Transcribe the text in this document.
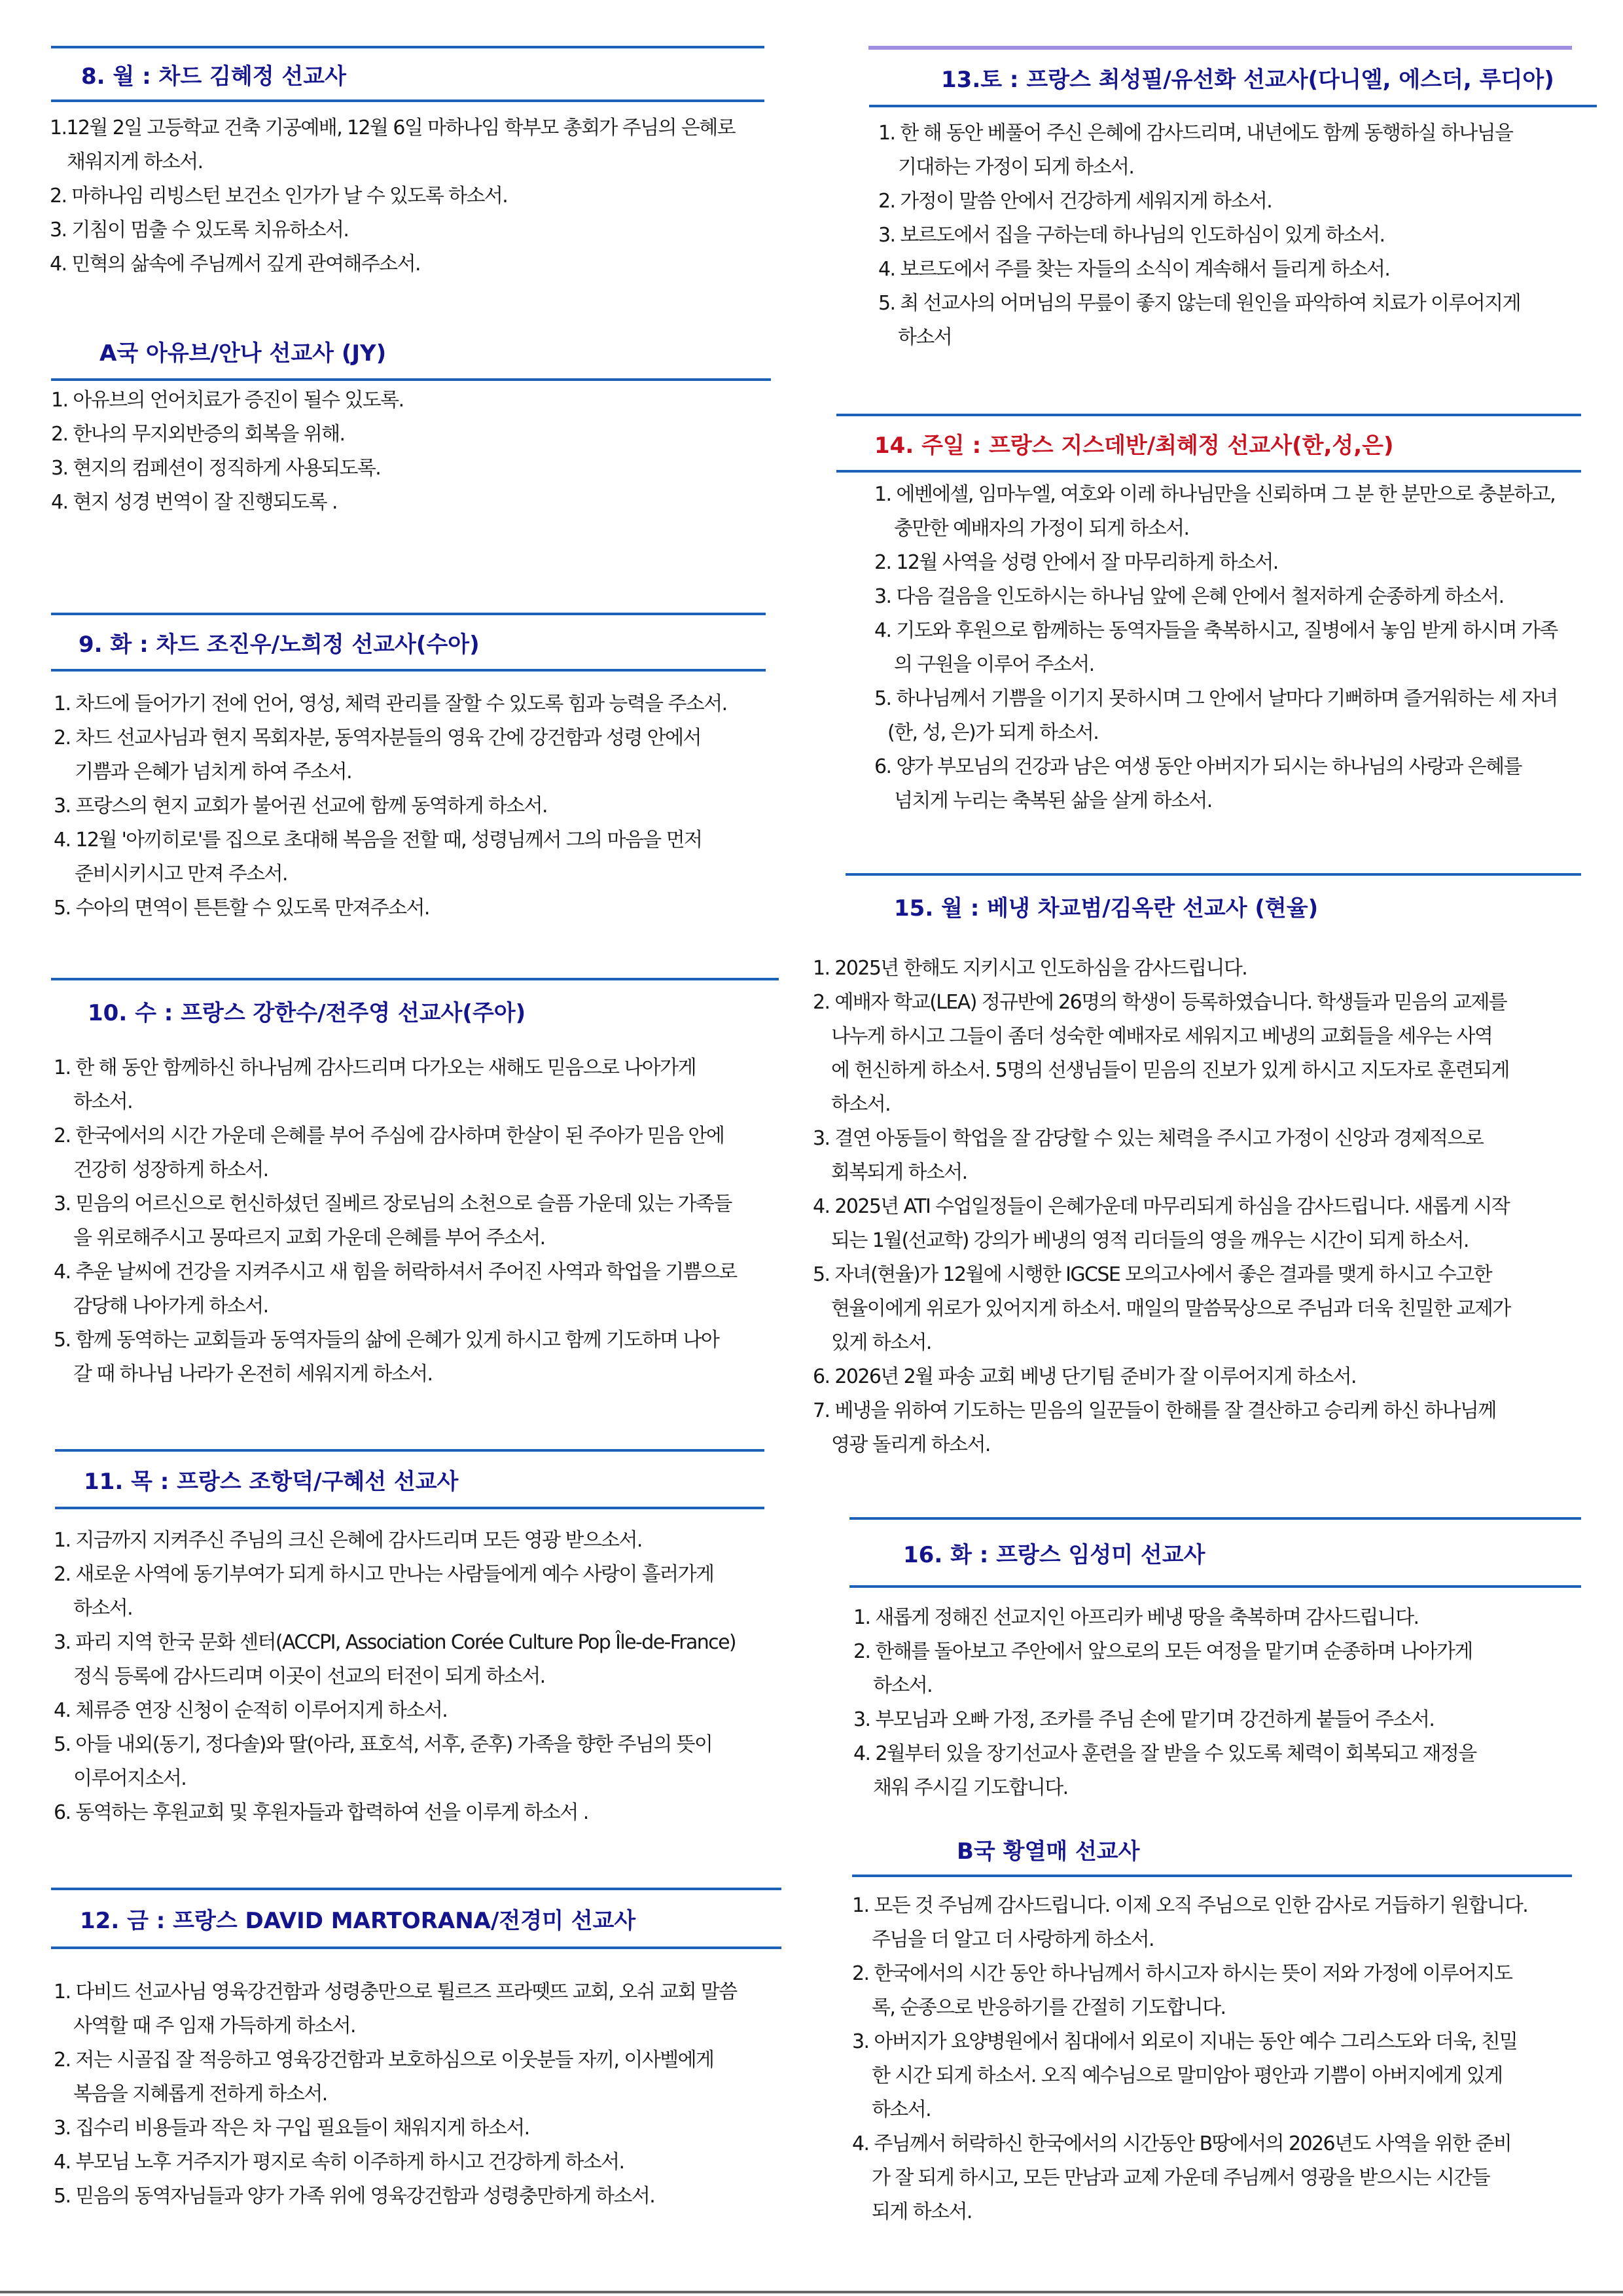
8. 월 : 차드 김혜정 선교사
1.12월 2일 고등학교 건축 기공예배, 12월 6일 마하나임 학부모 총회가 주님의 은혜로
채워지게 하소서.
2. 마하나임 리빙스턴 보건소 인가가 날 수 있도록 하소서.
3. 기침이 멈출 수 있도록 치유하소서.
4. 민혁의 삶속에 주님께서 깊게 관여해주소서.
A국 아유브/안나 선교사 (JY)
1. 아유브의 언어치료가 증진이 될수 있도록.
2. 한나의 무지외반증의 회복을 위해.
3. 현지의 컴페션이 정직하게 사용되도록.
4. 현지 성경 번역이 잘 진행되도록 .
9. 화 : 차드 조진우/노희정 선교사(수아)
1. 차드에 들어가기 전에 언어, 영성, 체력 관리를 잘할 수 있도록 힘과 능력을 주소서.
2. 차드 선교사님과 현지 목회자분, 동역자분들의 영육 간에 강건함과 성령 안에서
기쁨과 은혜가 넘치게 하여 주소서.
3. 프랑스의 현지 교회가 불어권 선교에 함께 동역하게 하소서.
4. 12월 '아끼히로'를 집으로 초대해 복음을 전할 때, 성령님께서 그의 마음을 먼저
준비시키시고 만져 주소서.
5. 수아의 면역이 튼튼할 수 있도록 만져주소서.
10. 수 : 프랑스 강한수/전주영 선교사(주아)
1. 한 해 동안 함께하신 하나님께 감사드리며 다가오는 새해도 믿음으로 나아가게
하소서.
2. 한국에서의 시간 가운데 은혜를 부어 주심에 감사하며 한살이 된 주아가 믿음 안에
건강히 성장하게 하소서.
3. 믿음의 어르신으로 헌신하셨던 질베르 장로님의 소천으로 슬픔 가운데 있는 가족들
을 위로해주시고 몽따르지 교회 가운데 은혜를 부어 주소서.
4. 추운 날씨에 건강을 지켜주시고 새 힘을 허락하셔서 주어진 사역과 학업을 기쁨으로
감당해 나아가게 하소서.
5. 함께 동역하는 교회들과 동역자들의 삶에 은혜가 있게 하시고 함께 기도하며 나아
갈 때 하나님 나라가 온전히 세워지게 하소서.
11. 목 : 프랑스 조항덕/구혜선 선교사
1. 지금까지 지켜주신 주님의 크신 은혜에 감사드리며 모든 영광 받으소서.
2. 새로운 사역에 동기부여가 되게 하시고 만나는 사람들에게 예수 사랑이 흘러가게
하소서.
3. 파리 지역 한국 문화 센터(ACCPI, Association Corée Culture Pop Île-de-France)
정식 등록에 감사드리며 이곳이 선교의 터전이 되게 하소서.
4. 체류증 연장 신청이 순적히 이루어지게 하소서.
5. 아들 내외(동기, 정다솔)와 딸(아라, 표호석, 서후, 준후) 가족을 향한 주님의 뜻이
이루어지소서.
6. 동역하는 후원교회 및 후원자들과 합력하여 선을 이루게 하소서 .
12. 금 : 프랑스 DAVID MARTORANA/전경미 선교사
1. 다비드 선교사님 영육강건함과 성령충만으로 튈르즈 프라뗏뜨 교회, 오쉬 교회 말씀
사역할 때 주 임재 가득하게 하소서.
2. 저는 시골집 잘 적응하고 영육강건함과 보호하심으로 이웃분들 자끼, 이사벨에게
복음을 지혜롭게 전하게 하소서.
3. 집수리 비용들과 작은 차 구입 필요들이 채워지게 하소서.
4. 부모님 노후 거주지가 평지로 속히 이주하게 하시고 건강하게 하소서.
5. 믿음의 동역자님들과 양가 가족 위에 영육강건함과 성령충만하게 하소서.
13.토 : 프랑스 최성필/유선화 선교사(다니엘, 에스더, 루디아)
1. 한 해 동안 베풀어 주신 은혜에 감사드리며, 내년에도 함께 동행하실 하나님을
기대하는 가정이 되게 하소서.
2. 가정이 말씀 안에서 건강하게 세워지게 하소서.
3. 보르도에서 집을 구하는데 하나님의 인도하심이 있게 하소서.
4. 보르도에서 주를 찾는 자들의 소식이 계속해서 들리게 하소서.
5. 최 선교사의 어머님의 무릎이 좋지 않는데 원인을 파악하여 치료가 이루어지게
하소서
14. 주일 : 프랑스 지스데반/최혜정 선교사(한,성,은)
1. 에벤에셀, 임마누엘, 여호와 이레 하나님만을 신뢰하며 그 분 한 분만으로 충분하고,
충만한 예배자의 가정이 되게 하소서.
2. 12월 사역을 성령 안에서 잘 마무리하게 하소서.
3. 다음 걸음을 인도하시는 하나님 앞에 은혜 안에서 철저하게 순종하게 하소서.
4. 기도와 후원으로 함께하는 동역자들을 축복하시고, 질병에서 놓임 받게 하시며 가족
의 구원을 이루어 주소서.
5. 하나님께서 기쁨을 이기지 못하시며 그 안에서 날마다 기뻐하며 즐거워하는 세 자녀
(한, 성, 은)가 되게 하소서.
6. 양가 부모님의 건강과 남은 여생 동안 아버지가 되시는 하나님의 사랑과 은혜를
넘치게 누리는 축복된 삶을 살게 하소서.
15. 월 : 베냉 차교범/김옥란 선교사 (현율)
1. 2025년 한해도 지키시고 인도하심을 감사드립니다.
2. 예배자 학교(LEA) 정규반에 26명의 학생이 등록하였습니다. 학생들과 믿음의 교제를
나누게 하시고 그들이 좀더 성숙한 예배자로 세워지고 베냉의 교회들을 세우는 사역
에 헌신하게 하소서. 5명의 선생님들이 믿음의 진보가 있게 하시고 지도자로 훈련되게
하소서.
3. 결연 아동들이 학업을 잘 감당할 수 있는 체력을 주시고 가정이 신앙과 경제적으로
회복되게 하소서.
4. 2025년 ATI 수업일정들이 은혜가운데 마무리되게 하심을 감사드립니다. 새롭게 시작
되는 1월(선교학) 강의가 베냉의 영적 리더들의 영을 깨우는 시간이 되게 하소서.
5. 자녀(현율)가 12월에 시행한 IGCSE 모의고사에서 좋은 결과를 맺게 하시고 수고한
현율이에게 위로가 있어지게 하소서. 매일의 말씀묵상으로 주님과 더욱 친밀한 교제가
있게 하소서.
6. 2026년 2월 파송 교회 베냉 단기팀 준비가 잘 이루어지게 하소서.
7. 베냉을 위하여 기도하는 믿음의 일꾼들이 한해를 잘 결산하고 승리케 하신 하나님께
영광 돌리게 하소서.
16. 화 : 프랑스 임성미 선교사
1. 새롭게 정해진 선교지인 아프리카 베냉 땅을 축복하며 감사드립니다.
2. 한해를 돌아보고 주안에서 앞으로의 모든 여정을 맡기며 순종하며 나아가게
하소서.
3. 부모님과 오빠 가정, 조카를 주님 손에 맡기며 강건하게 붙들어 주소서.
4. 2월부터 있을 장기선교사 훈련을 잘 받을 수 있도록 체력이 회복되고 재정을
채워 주시길 기도합니다.
B국 황열매 선교사
1. 모든 것 주님께 감사드립니다. 이제 오직 주님으로 인한 감사로 거듭하기 원합니다.
주님을 더 알고 더 사랑하게 하소서.
2. 한국에서의 시간 동안 하나님께서 하시고자 하시는 뜻이 저와 가정에 이루어지도
록, 순종으로 반응하기를 간절히 기도합니다.
3. 아버지가 요양병원에서 침대에서 외로이 지내는 동안 예수 그리스도와 더욱, 친밀
한 시간 되게 하소서. 오직 예수님으로 말미암아 평안과 기쁨이 아버지에게 있게
하소서.
4. 주님께서 허락하신 한국에서의 시간동안 B땅에서의 2026년도 사역을 위한 준비
가 잘 되게 하시고, 모든 만남과 교제 가운데 주님께서 영광을 받으시는 시간들
되게 하소서.
